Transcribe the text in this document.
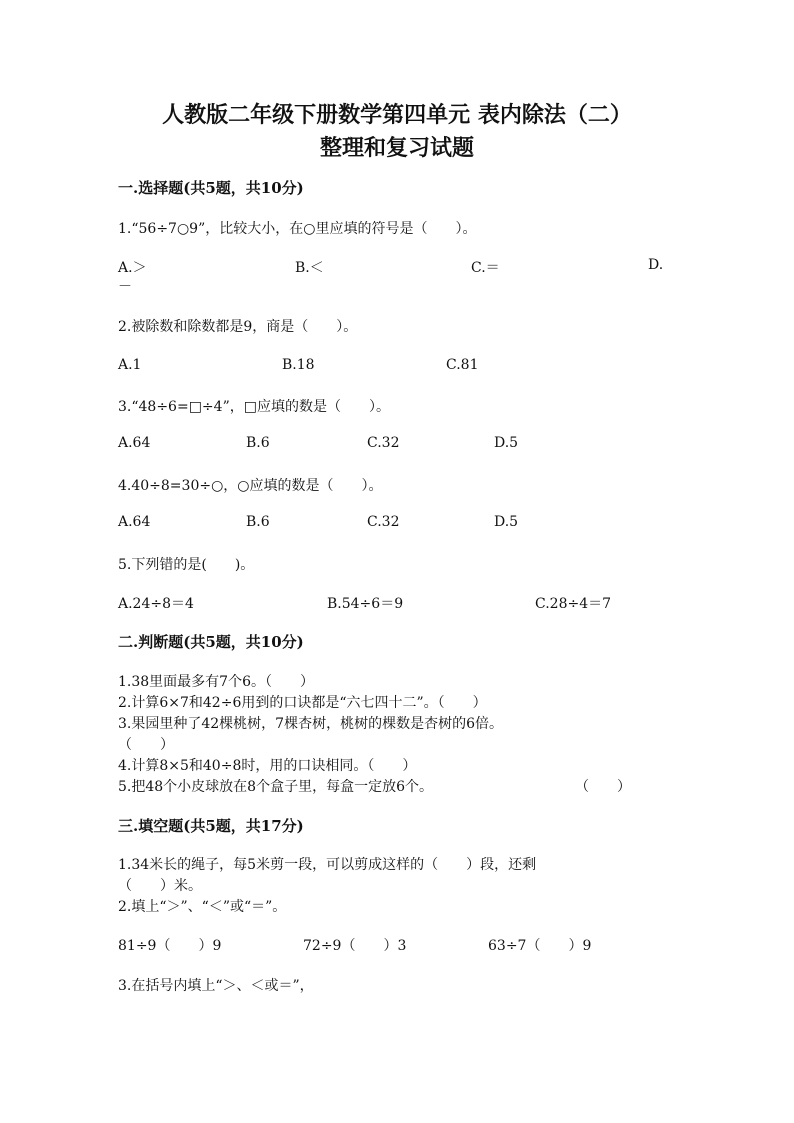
人教版二年级下册数学第四单元 表内除法（二）
整理和复习试题
一.选择题(共5题，共10分)
1.“56÷7○9”，比较大小，在○里应填的符号是（　　）。
A.＞	B.＜	C.＝	D.
－
2.被除数和除数都是9，商是（　　）。
A.1	B.18	C.81
3.“48÷6=□÷4”，□应填的数是（　　）。
A.64	B.6	C.32	D.5
4.40÷8=30÷○，○应填的数是（　　）。
A.64	B.6	C.32	D.5
5.下列错的是(　　)。
A.24÷8＝4	B.54÷6＝9	C.28÷4＝7
二.判断题(共5题，共10分)
1.38里面最多有7个6。（　　）
2.计算6×7和42÷6用到的口诀都是“六七四十二”。（　　）
3.果园里种了42棵桃树，7棵杏树，桃树的棵数是杏树的6倍。
（　　）
4.计算8×5和40÷8时，用的口诀相同。（　　）
5.把48个小皮球放在8个盒子里，每盒一定放6个。	（　　）
三.填空题(共5题，共17分)
1.34米长的绳子，每5米剪一段，可以剪成这样的（　　）段，还剩
（　　）米。
2.填上“＞”、“＜”或“＝”。
81÷9（　　）9	72÷9（　　）3	63÷7（　　）9
3.在括号内填上“＞、＜或＝”，
